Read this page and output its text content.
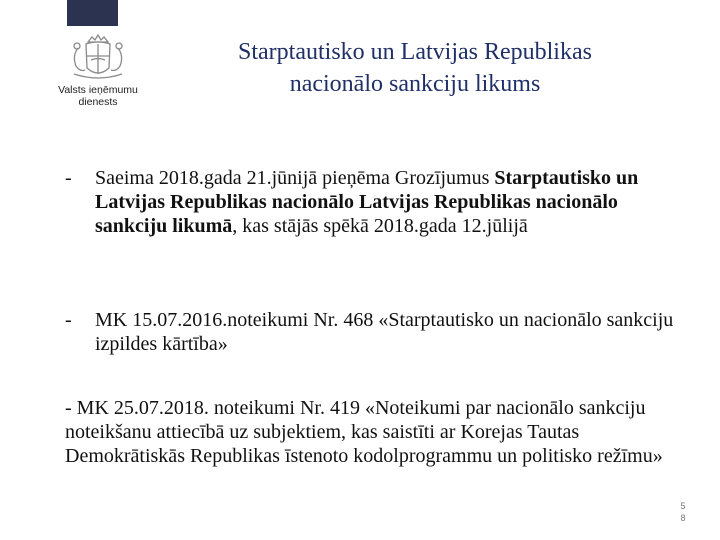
Valsts ieņēmumu
dienests
Starptautisko un Latvijas Republikas
nacionālo sankciju likums
-	Saeima 2018.gada 21.jūnijā pieņēma Grozījumus Starptautisko un Latvijas Republikas nacionālo Latvijas Republikas nacionālo sankciju likumā, kas stājās spēkā 2018.gada 12.jūlijā
-	MK 15.07.2016.noteikumi Nr. 468 «Starptautisko un nacionālo sankciju izpildes kārtība»
- MK 25.07.2018. noteikumi Nr. 419 «Noteikumi par nacionālo sankciju noteikšanu attiecībā uz subjektiem, kas saistīti ar Korejas Tautas Demokrātiskās Republikas īstenoto kodolprogrammu un politisko režīmu»
5
8
